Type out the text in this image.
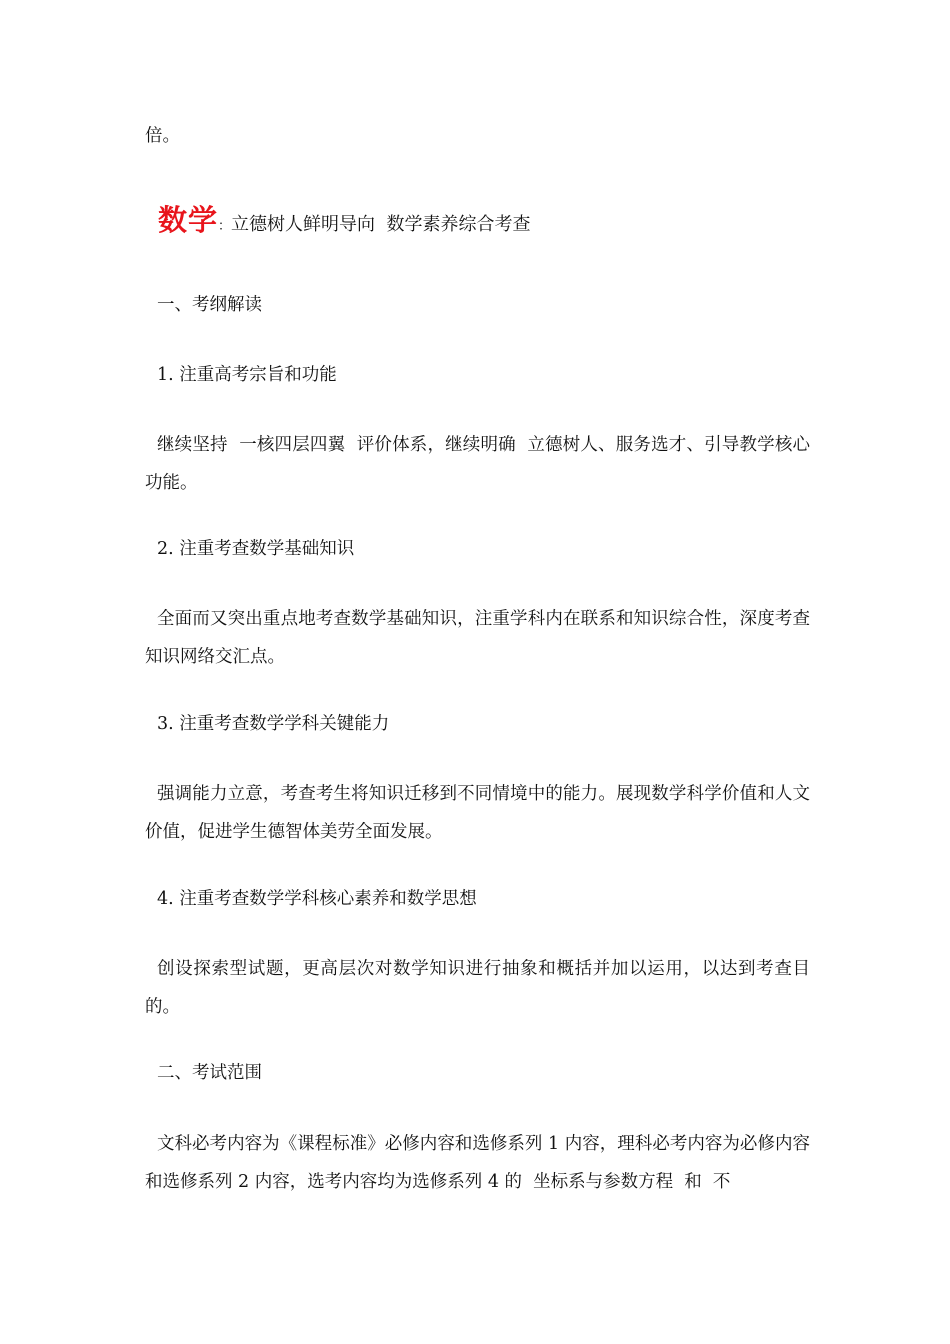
倍。
数学：立德树人鲜明导向  数学素养综合考查
一、考纲解读
1. 注重高考宗旨和功能
继续坚持  一核四层四翼  评价体系，继续明确  立德树人、服务选才、引导教学核心功能。
2. 注重考查数学基础知识
全面而又突出重点地考查数学基础知识，注重学科内在联系和知识综合性，深度考查知识网络交汇点。
3. 注重考查数学学科关键能力
强调能力立意，考查考生将知识迁移到不同情境中的能力。展现数学科学价值和人文价值，促进学生德智体美劳全面发展。
4. 注重考查数学学科核心素养和数学思想
创设探索型试题，更高层次对数学知识进行抽象和概括并加以运用，以达到考查目的。
二、考试范围
文科必考内容为《课程标准》必修内容和选修系列 1 内容，理科必考内容为必修内容和选修系列 2 内容，选考内容均为选修系列 4 的  坐标系与参数方程  和  不
